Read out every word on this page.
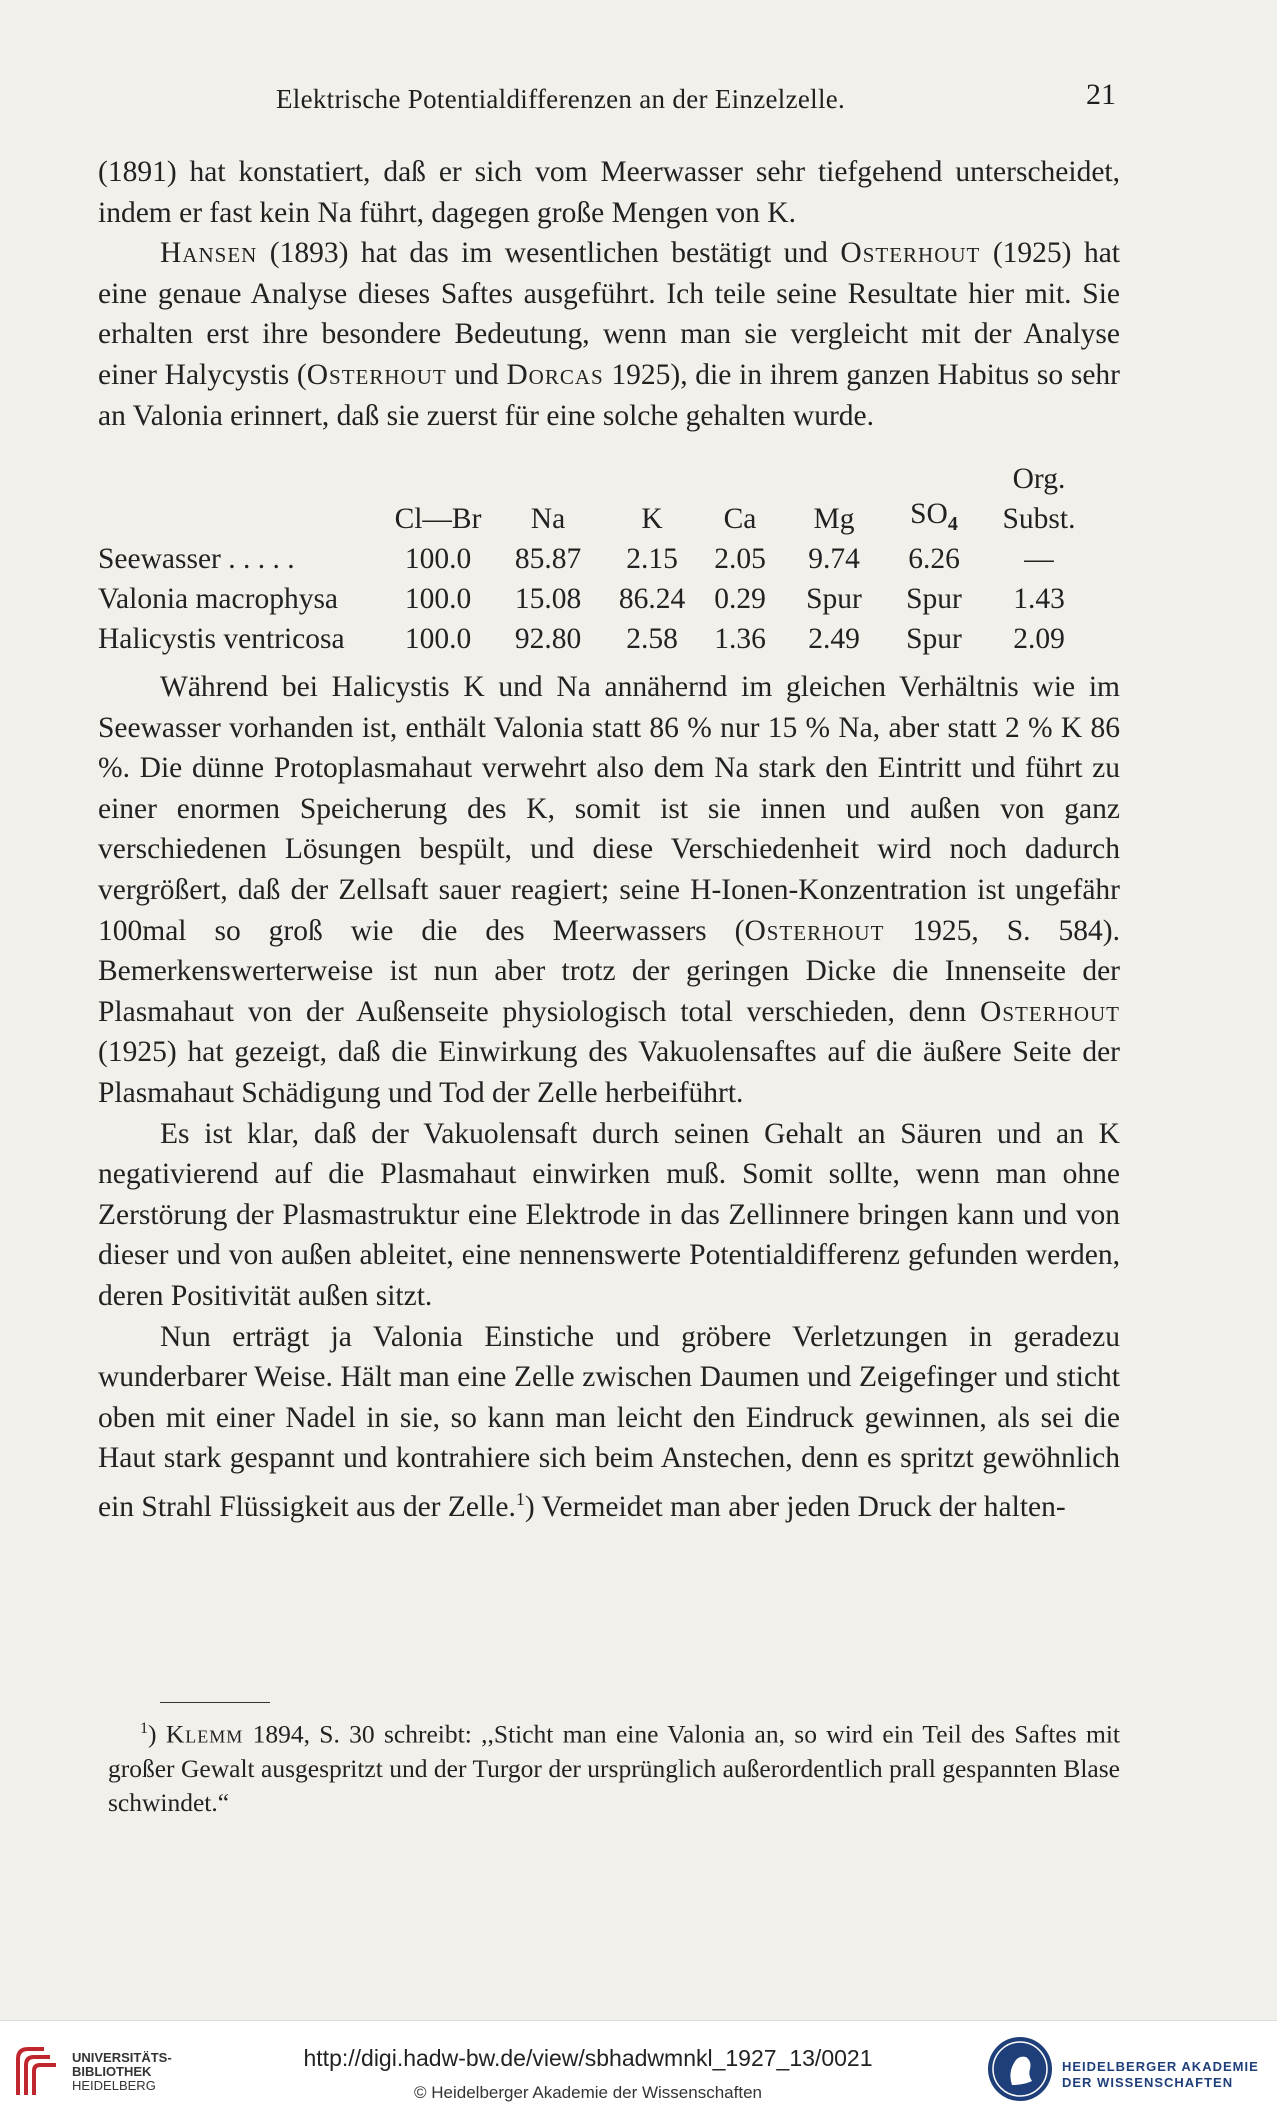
Elektrische Potentialdifferenzen an der Einzelzelle.	21

(1891) hat konstatiert, daß er sich vom Meerwasser sehr tiefgehend unterscheidet, indem er fast kein Na führt, dagegen große Mengen von K.

Hansen (1893) hat das im wesentlichen bestätigt und Osterhout (1925) hat eine genaue Analyse dieses Saftes ausgeführt. Ich teile seine Resultate hier mit. Sie erhalten erst ihre besondere Bedeutung, wenn man sie vergleicht mit der Analyse einer Halycystis (Osterhout und Dorcas 1925), die in ihrem ganzen Habitus so sehr an Valonia erinnert, daß sie zuerst für eine solche gehalten wurde.

							Org.
	Cl—Br	Na	K	Ca	Mg	$SO_4$	Subst.
Seewasser . . . . .	100.0	85.87	2.15	2.05	9.74	6.26	—
Valonia macrophysa	100.0	15.08	86.24	0.29	Spur	Spur	1.43
Halicystis ventricosa	100.0	92.80	2.58	1.36	2.49	Spur	2.09

Während bei Halicystis K und Na annähernd im gleichen Verhältnis wie im Seewasser vorhanden ist, enthält Valonia statt 86 % nur 15 % Na, aber statt 2 % K 86 %. Die dünne Protoplasmahaut verwehrt also dem Na stark den Eintritt und führt zu einer enormen Speicherung des K, somit ist sie innen und außen von ganz verschiedenen Lösungen bespült, und diese Verschiedenheit wird noch dadurch vergrößert, daß der Zellsaft sauer reagiert; seine H-Ionen-Konzentration ist ungefähr 100mal so groß wie die des Meerwassers (Osterhout 1925, S. 584). Bemerkenswerterweise ist nun aber trotz der geringen Dicke die Innenseite der Plasmahaut von der Außenseite physiologisch total verschieden, denn Osterhout (1925) hat gezeigt, daß die Einwirkung des Vakuolensaftes auf die äußere Seite der Plasmahaut Schädigung und Tod der Zelle herbeiführt.

Es ist klar, daß der Vakuolensaft durch seinen Gehalt an Säuren und an K negativierend auf die Plasmahaut einwirken muß. Somit sollte, wenn man ohne Zerstörung der Plasmastruktur eine Elektrode in das Zellinnere bringen kann und von dieser und von außen ableitet, eine nennenswerte Potentialdifferenz gefunden werden, deren Positivität außen sitzt.

Nun erträgt ja Valonia Einstiche und gröbere Verletzungen in geradezu wunderbarer Weise. Hält man eine Zelle zwischen Daumen und Zeigefinger und sticht oben mit einer Nadel in sie, so kann man leicht den Eindruck gewinnen, als sei die Haut stark gespannt und kontrahiere sich beim Anstechen, denn es spritzt gewöhnlich ein Strahl Flüssigkeit aus der Zelle.$^1$) Vermeidet man aber jeden Druck der halten-

$^1$) Klemm 1894, S. 30 schreibt: ,,Sticht man eine Valonia an, so wird ein Teil des Saftes mit großer Gewalt ausgespritzt und der Turgor der ursprünglich außerordentlich prall gespannten Blase schwindet.“

UNIVERSITÄTS-
BIBLIOTHEK
HEIDELBERG
http://digi.hadw-bw.de/view/sbhadwmnkl_1927_13/0021
© Heidelberger Akademie der Wissenschaften
HEIDELBERGER AKADEMIE
DER WISSENSCHAFTEN
